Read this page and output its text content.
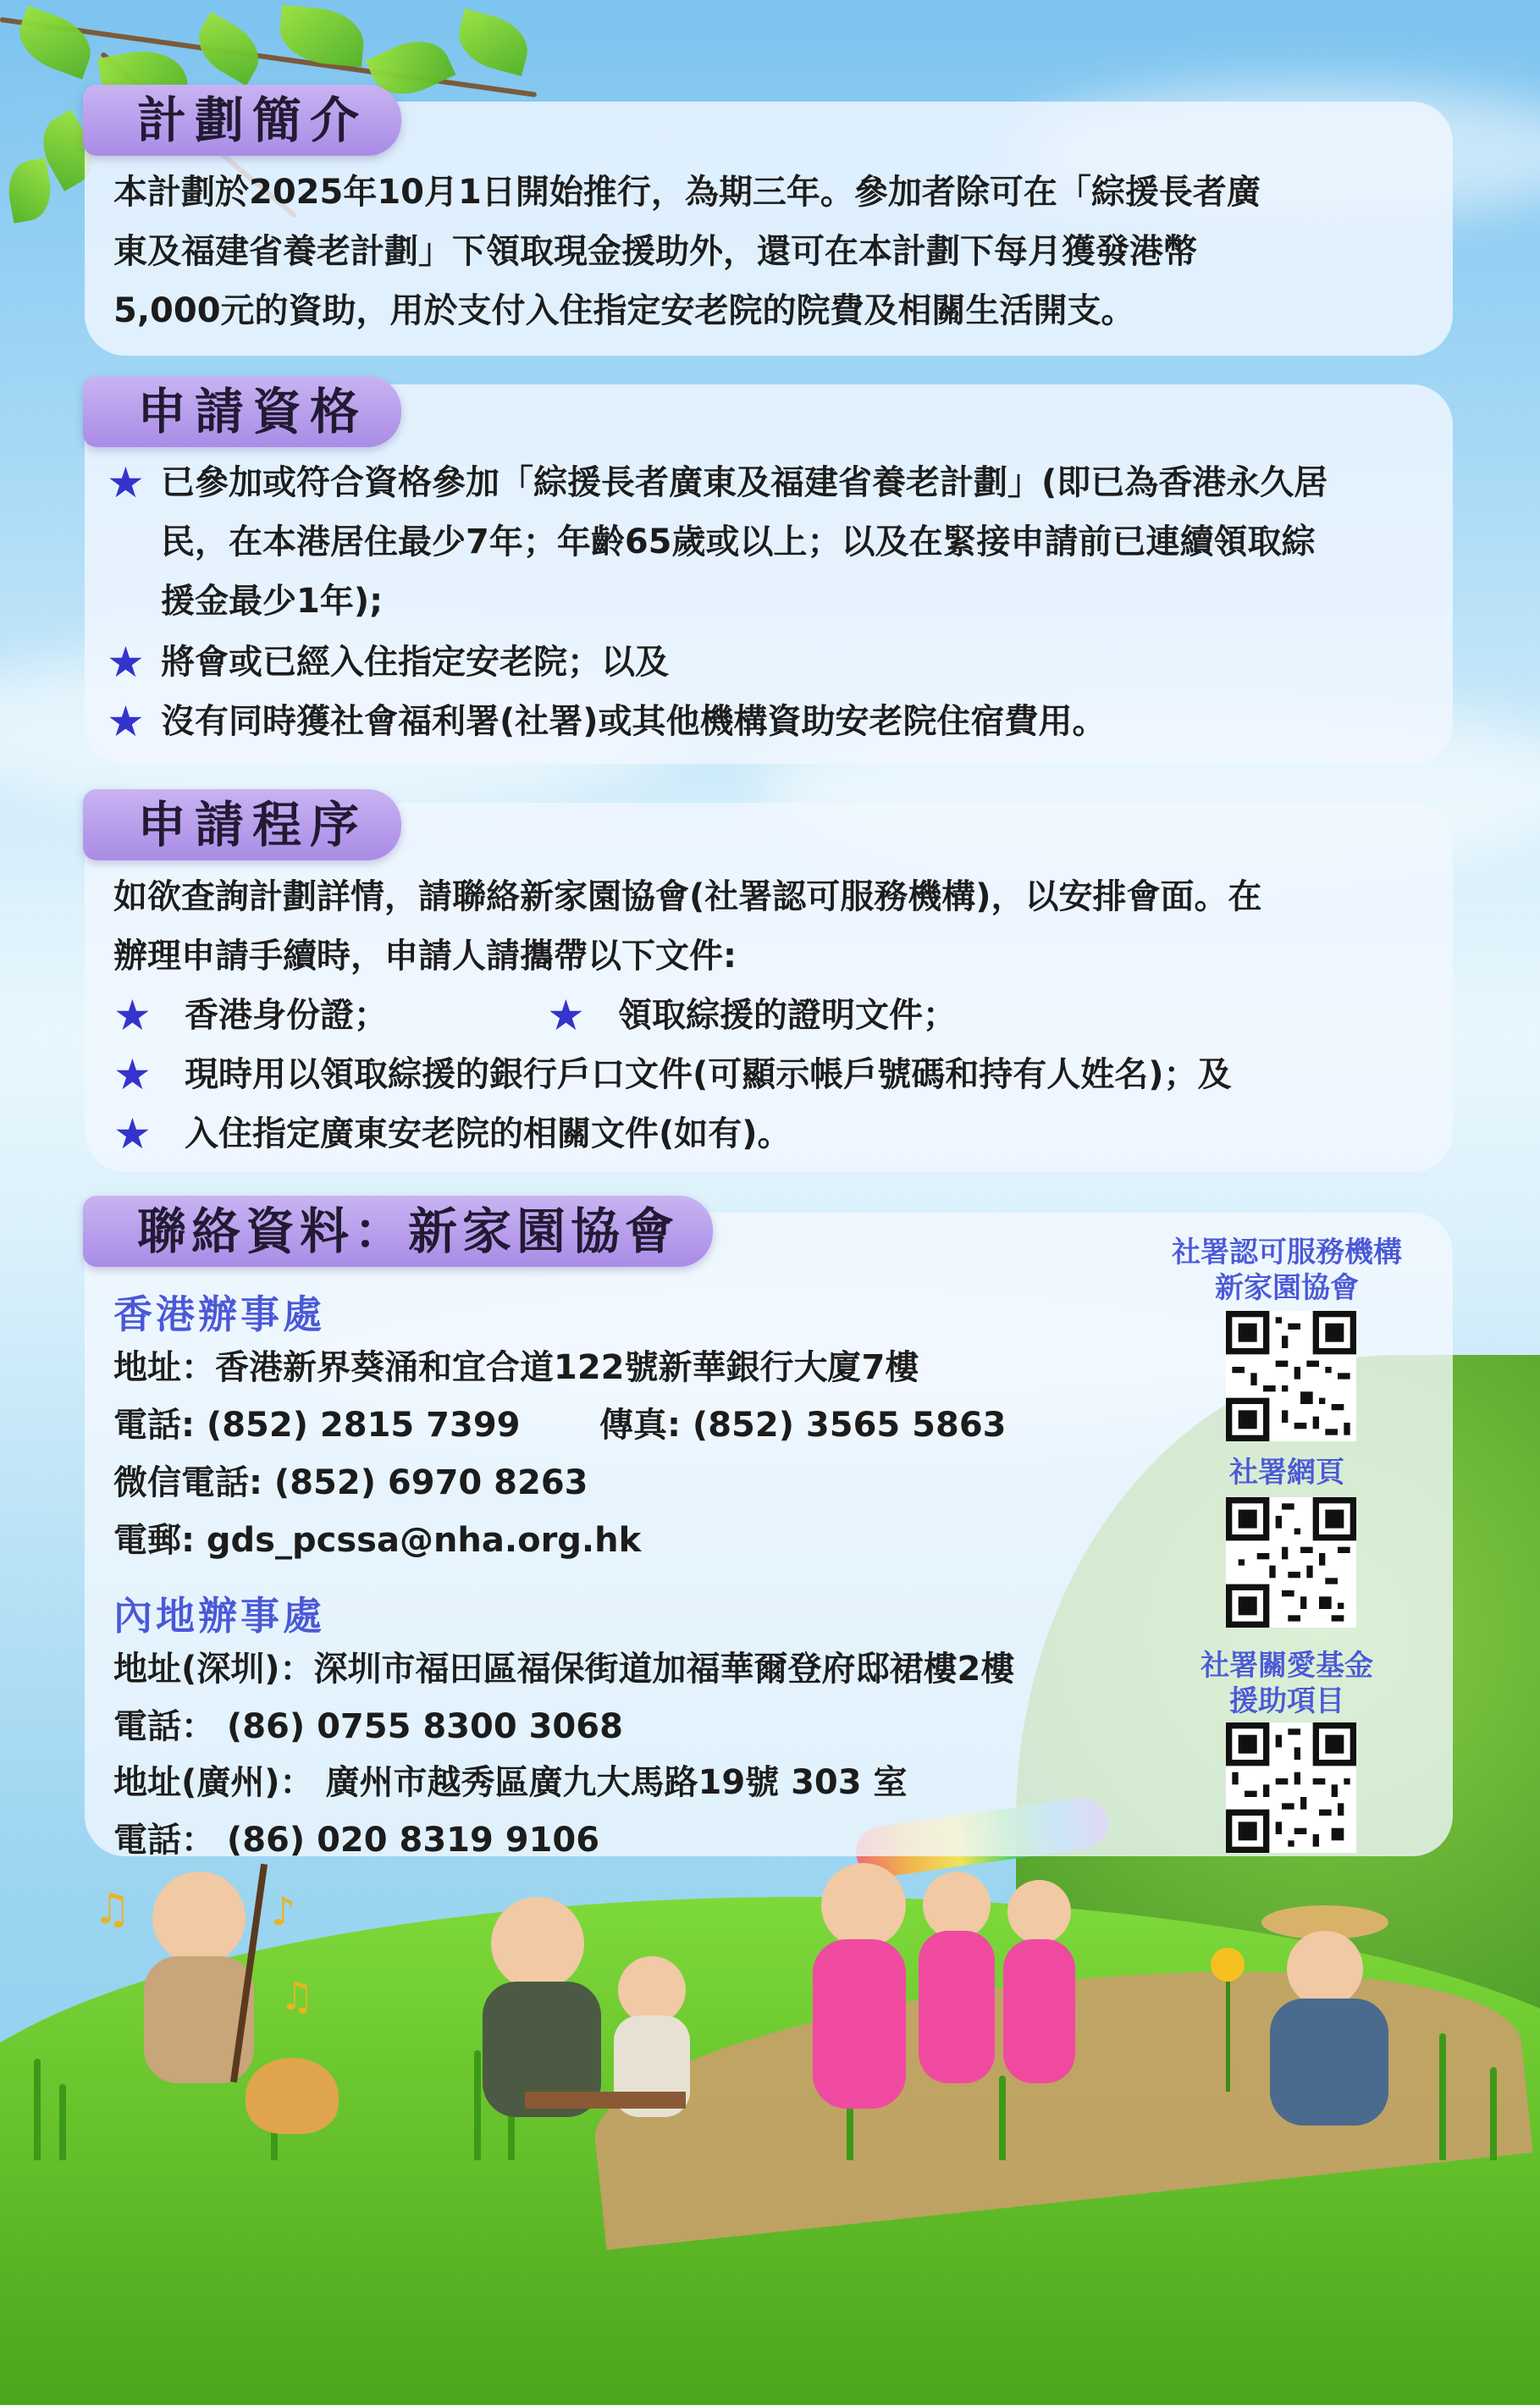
♫	♪
♫
計劃簡介
本計劃於2025年10月1日開始推行，為期三年。參加者除可在「綜援長者廣
東及福建省養老計劃」下領取現金援助外，還可在本計劃下每月獲發港幣
5,000元的資助，用於支付入住指定安老院的院費及相關生活開支。
申請資格
★ 已參加或符合資格參加「綜援長者廣東及福建省養老計劃」(即已為香港永久居
民，在本港居住最少7年；年齡65歲或以上；以及在緊接申請前已連續領取綜
援金最少1年);
★ 將會或已經入住指定安老院；以及
★ 沒有同時獲社會福利署(社署)或其他機構資助安老院住宿費用。
申請程序
如欲查詢計劃詳情，請聯絡新家園協會(社署認可服務機構)，以安排會面。在
辦理申請手續時，申請人請攜帶以下文件:
★ 香港身份證；	★ 領取綜援的證明文件；
★ 現時用以領取綜援的銀行戶口文件(可顯示帳戶號碼和持有人姓名)；及
★ 入住指定廣東安老院的相關文件(如有)。
聯絡資料：新家園協會
香港辦事處
地址：香港新界葵涌和宜合道122號新華銀行大廈7樓
電話: (852) 2815 7399 傳真: (852) 3565 5863
微信電話: (852) 6970 8263
電郵: gds_pcssa@nha.org.hk
內地辦事處
地址(深圳)：深圳市福田區福保街道加福華爾登府邸裙樓2樓
電話： (86) 0755 8300 3068
地址(廣州)： 廣州市越秀區廣九大馬路19號 303 室
電話： (86) 020 8319 9106
社署認可服務機構
新家園協會
社署網頁
社署關愛基金
援助項目
